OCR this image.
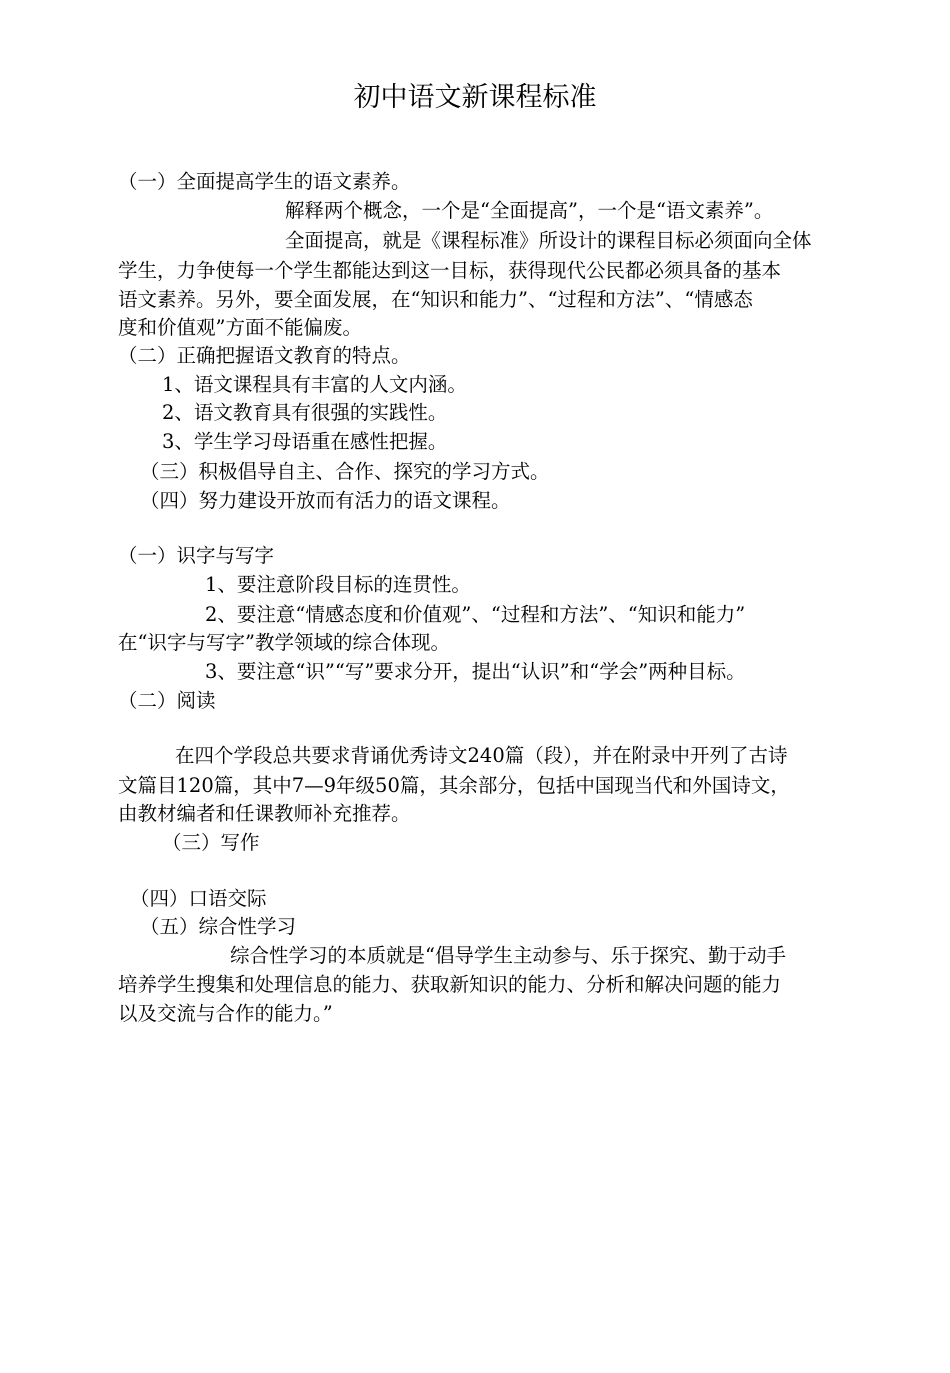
初中语文新课程标准
（一）全面提高学生的语文素养。
解释两个概念，一个是“全面提高”，一个是“语文素养”。
全面提高，就是《课程标准》所设计的课程目标必须面向全体
学生，力争使每一个学生都能达到这一目标，获得现代公民都必须具备的基本
语文素养。另外，要全面发展，在“知识和能力”、“过程和方法”、“情感态
度和价值观”方面不能偏废。
（二）正确把握语文教育的特点。
1、语文课程具有丰富的人文内涵。
2、语文教育具有很强的实践性。
3、学生学习母语重在感性把握。
（三）积极倡导自主、合作、探究的学习方式。
（四）努力建设开放而有活力的语文课程。
（一）识字与写字
1、要注意阶段目标的连贯性。
2、要注意“情感态度和价值观”、“过程和方法”、“知识和能力”
在“识字与写字”教学领域的综合体现。
3、要注意“识”“写”要求分开，提出“认识”和“学会”两种目标。
（二）阅读
在四个学段总共要求背诵优秀诗文240篇（段），并在附录中开列了古诗
文篇目120篇，其中7—9年级50篇，其余部分，包括中国现当代和外国诗文，
由教材编者和任课教师补充推荐。
（三）写作
（四）口语交际
（五）综合性学习
综合性学习的本质就是“倡导学生主动参与、乐于探究、勤于动手
培养学生搜集和处理信息的能力、获取新知识的能力、分析和解决问题的能力
以及交流与合作的能力。”
